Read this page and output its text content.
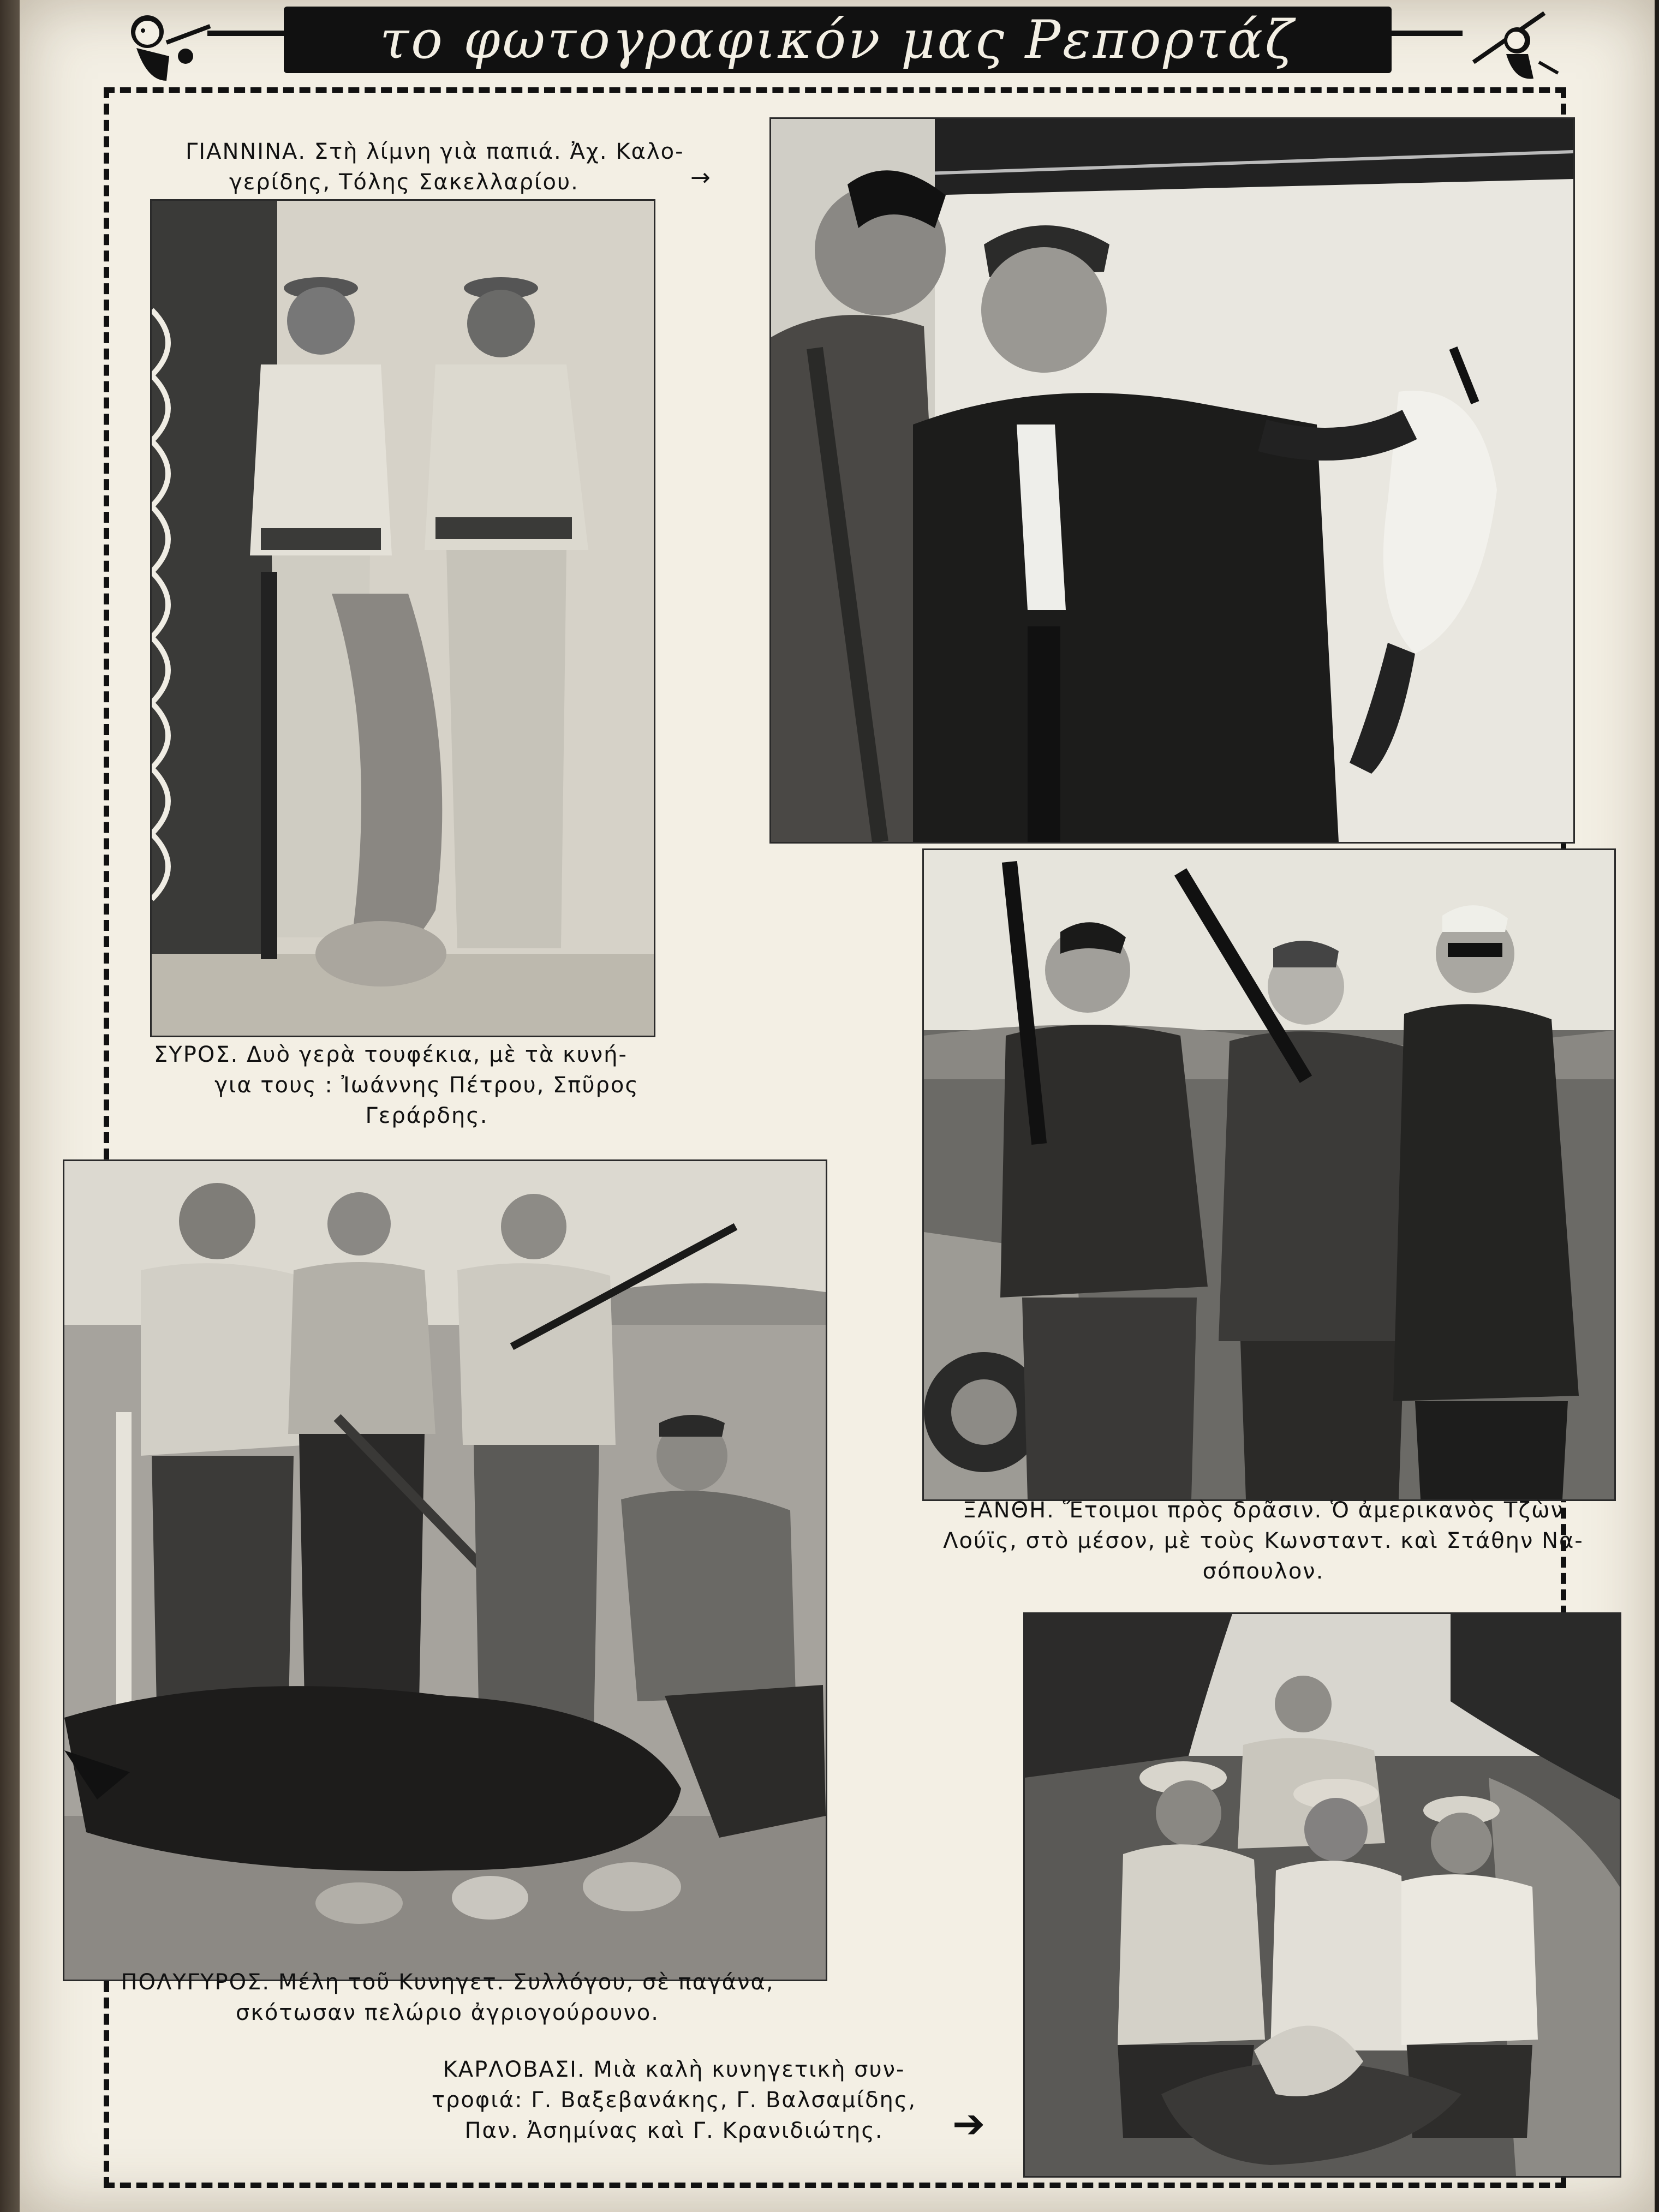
το φωτογραφικόν μας Ρεπορτάζ
ΓΙΑΝΝΙΝΑ. Στὴ λίμνη γιὰ παπιά. Ἀχ. Καλο-
γερίδης, Τόλης Σακελλαρίου.	→
ΣΥΡΟΣ. Δυὸ γερὰ τουφέκια, μὲ τὰ κυνή-
για τους : Ἰωάννης Πέτρου, Σπῦρος
Γεράρδης.
ΞΑΝΘΗ. Ἕτοιμοι πρὸς δρᾶσιν. Ὁ ἀμερικανὸς Τζὼν
Λούϊς, στὸ μέσον, μὲ τοὺς Κωνσταντ. καὶ Στάθην Να-
σόπουλον.
ΠΟΛΥΓΥΡΟΣ. Μέλη τοῦ Κυνηγετ. Συλλόγου, σὲ παγάνα,
σκότωσαν πελώριο ἀγριογούρουνο.
ΚΑΡΛΟΒΑΣΙ. Μιὰ καλὴ κυνηγετικὴ συν-
τροφιά: Γ. Βαξεβανάκης, Γ. Βαλσαμίδης,
Παν. Ἀσημίνας καὶ Γ. Κρανιδιώτης.	➔
